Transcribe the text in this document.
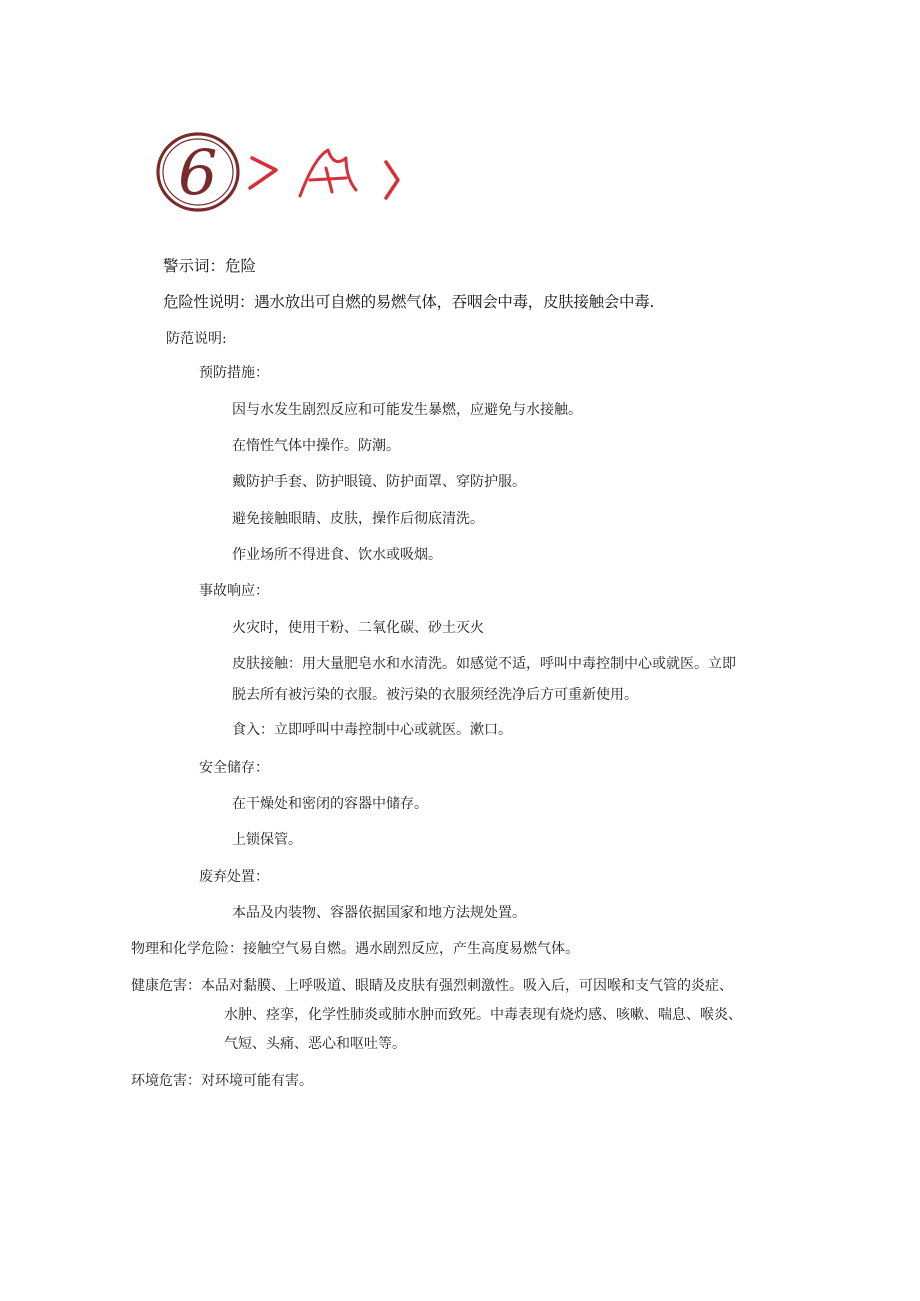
6
警示词：危险
危险性说明：遇水放出可自燃的易燃气体，吞咽会中毒，皮肤接触会中毒.
防范说明:
预防措施：
因与水发生剧烈反应和可能发生暴燃，应避免与水接触。
在惰性气体中操作。防潮。
戴防护手套、防护眼镜、防护面罩、穿防护服。
避免接触眼睛、皮肤，操作后彻底清洗。
作业场所不得进食、饮水或吸烟。
事故响应：
火灾时，使用干粉、二氧化碳、砂土灭火
皮肤接触：用大量肥皂水和水清洗。如感觉不适，呼叫中毒控制中心或就医。立即
脱去所有被污染的衣服。被污染的衣服须经洗净后方可重新使用。
食入：立即呼叫中毒控制中心或就医。漱口。
安全储存：
在干燥处和密闭的容器中储存。
上锁保管。
废弃处置：
本品及内装物、容器依据国家和地方法规处置。
物理和化学危险：接触空气易自燃。遇水剧烈反应，产生高度易燃气体。
健康危害：本品对黏膜、上呼吸道、眼睛及皮肤有强烈刺激性。吸入后，可因喉和支气管的炎症、
水肿、痉挛，化学性肺炎或肺水肿而致死。中毒表现有烧灼感、咳嗽、喘息、喉炎、
气短、头痛、恶心和呕吐等。
环境危害：对环境可能有害。
